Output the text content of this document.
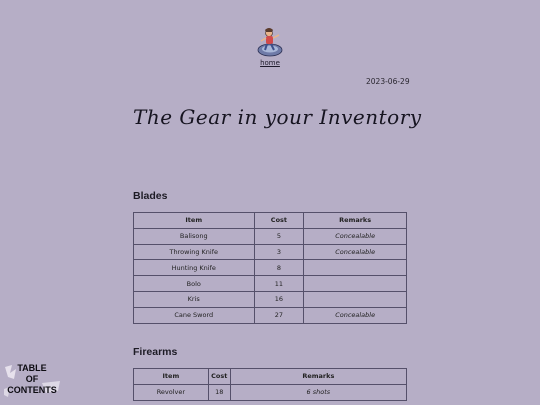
home
2023-06-29
The Gear in your Inventory
Blades
Item	Cost	Remarks
Balisong	5	Concealable
Throwing Knife	3	Concealable
Hunting Knife	8	
Bolo	11	
Kris	16	
Cane Sword	27	Concealable
Firearms
Item	Cost	Remarks
Revolver	18	6 shots
TABLE
OF
CONTENTS
